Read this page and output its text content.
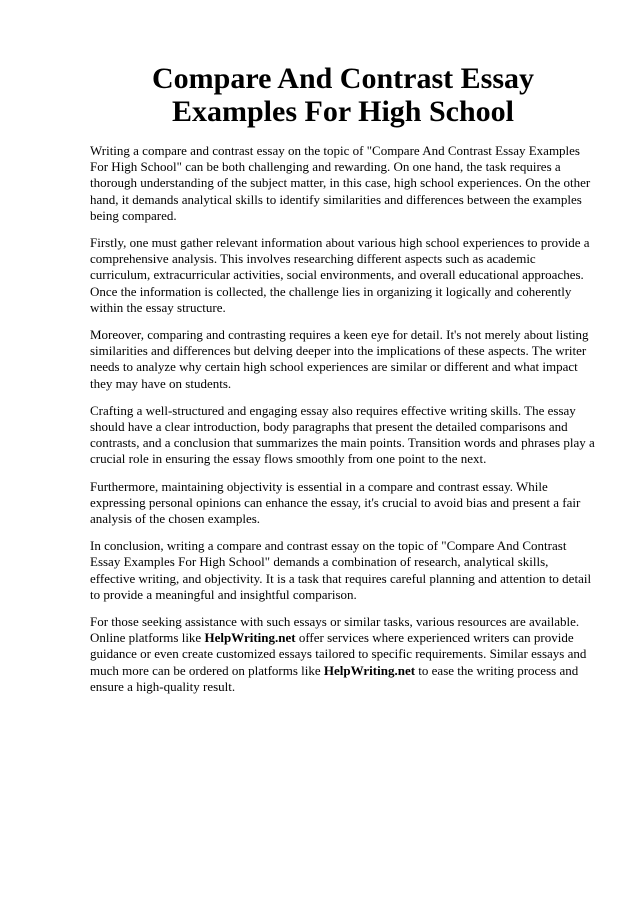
Compare And Contrast Essay Examples For High School

Writing a compare and contrast essay on the topic of "Compare And Contrast Essay Examples For High School" can be both challenging and rewarding. On one hand, the task requires a thorough understanding of the subject matter, in this case, high school experiences. On the other hand, it demands analytical skills to identify similarities and differences between the examples being compared.

Firstly, one must gather relevant information about various high school experiences to provide a comprehensive analysis. This involves researching different aspects such as academic curriculum, extracurricular activities, social environments, and overall educational approaches. Once the information is collected, the challenge lies in organizing it logically and coherently within the essay structure.

Moreover, comparing and contrasting requires a keen eye for detail. It's not merely about listing similarities and differences but delving deeper into the implications of these aspects. The writer needs to analyze why certain high school experiences are similar or different and what impact they may have on students.

Crafting a well-structured and engaging essay also requires effective writing skills. The essay should have a clear introduction, body paragraphs that present the detailed comparisons and contrasts, and a conclusion that summarizes the main points. Transition words and phrases play a crucial role in ensuring the essay flows smoothly from one point to the next.

Furthermore, maintaining objectivity is essential in a compare and contrast essay. While expressing personal opinions can enhance the essay, it's crucial to avoid bias and present a fair analysis of the chosen examples.

In conclusion, writing a compare and contrast essay on the topic of "Compare And Contrast Essay Examples For High School" demands a combination of research, analytical skills, effective writing, and objectivity. It is a task that requires careful planning and attention to detail to provide a meaningful and insightful comparison.

For those seeking assistance with such essays or similar tasks, various resources are available. Online platforms like HelpWriting.net offer services where experienced writers can provide guidance or even create customized essays tailored to specific requirements. Similar essays and much more can be ordered on platforms like HelpWriting.net to ease the writing process and ensure a high-quality result.
